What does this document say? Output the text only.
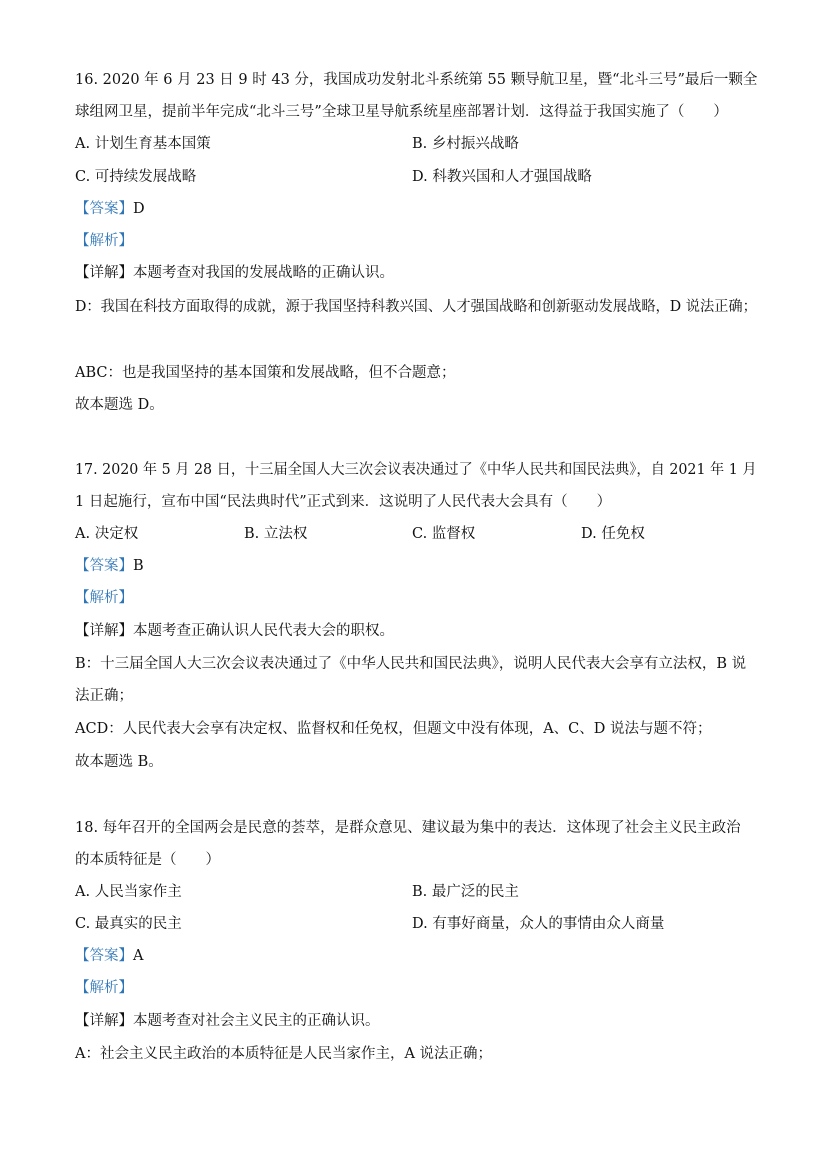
16. 2020 年 6 月 23 日 9 时 43 分，我国成功发射北斗系统第 55 颗导航卫星，暨“北斗三号”最后一颗全
球组网卫星，提前半年完成“北斗三号”全球卫星导航系统星座部署计划．这得益于我国实施了（　　）
A. 计划生育基本国策	B. 乡村振兴战略
C. 可持续发展战略	D. 科教兴国和人才强国战略
【答案】D
【解析】
【详解】本题考查对我国的发展战略的正确认识。
D：我国在科技方面取得的成就，源于我国坚持科教兴国、人才强国战略和创新驱动发展战略，D 说法正确；
ABC：也是我国坚持的基本国策和发展战略，但不合题意；
故本题选 D。
17. 2020 年 5 月 28 日，十三届全国人大三次会议表决通过了《中华人民共和国民法典》，自 2021 年 1 月
1 日起施行，宣布中国“民法典时代”正式到来．这说明了人民代表大会具有（　　）
A. 决定权	B. 立法权	C. 监督权	D. 任免权
【答案】B
【解析】
【详解】本题考查正确认识人民代表大会的职权。
B：十三届全国人大三次会议表决通过了《中华人民共和国民法典》，说明人民代表大会享有立法权，B 说
法正确；
ACD：人民代表大会享有决定权、监督权和任免权，但题文中没有体现，A、C、D 说法与题不符；
故本题选 B。
18. 每年召开的全国两会是民意的荟萃，是群众意见、建议最为集中的表达．这体现了社会主义民主政治
的本质特征是（　　）
A. 人民当家作主	B. 最广泛的民主
C. 最真实的民主	D. 有事好商量，众人的事情由众人商量
【答案】A
【解析】
【详解】本题考查对社会主义民主的正确认识。
A：社会主义民主政治的本质特征是人民当家作主，A 说法正确；
